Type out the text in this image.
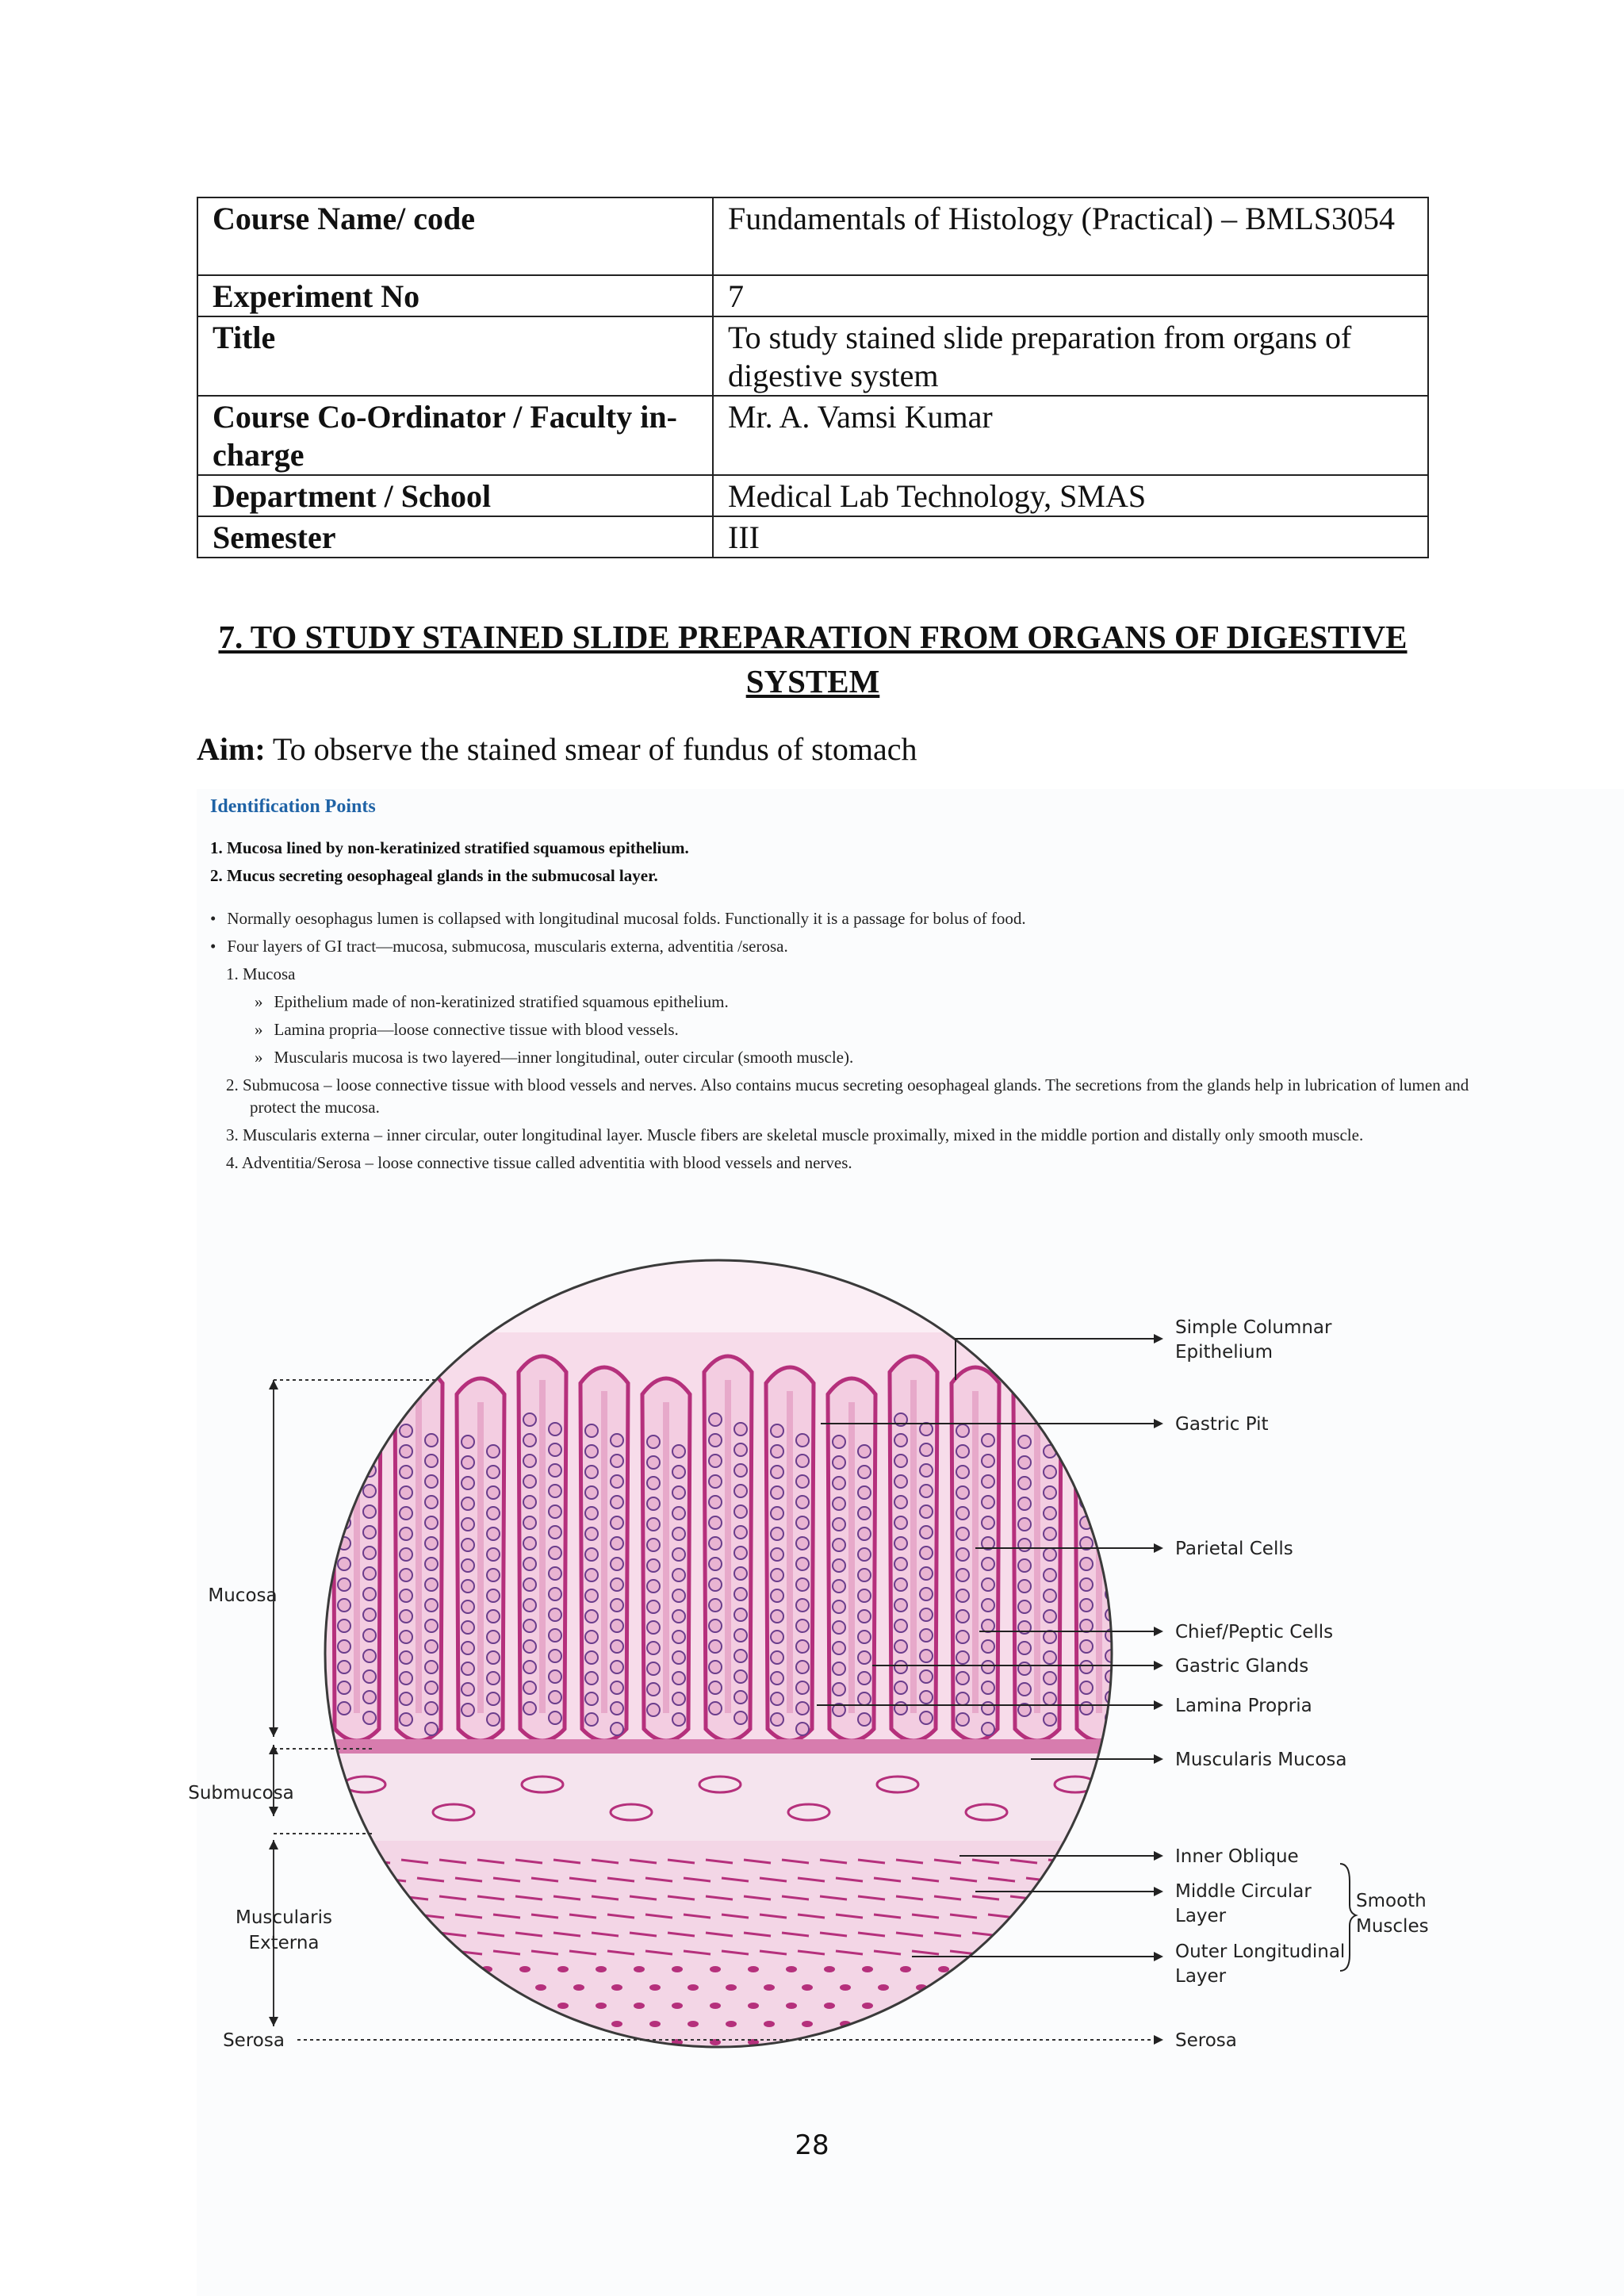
Course Name/ code	Fundamentals of Histology (Practical) – BMLS3054
Experiment No	7
Title	To study stained slide preparation from organs of digestive system
Course Co-Ordinator / Faculty in-charge	Mr. A. Vamsi Kumar
Department / School	Medical Lab Technology, SMAS
Semester	III
7. TO STUDY STAINED SLIDE PREPARATION FROM ORGANS OF DIGESTIVE SYSTEM
Aim: To observe the stained smear of fundus of stomach
Identification Points
1. Mucosa lined by non-keratinized stratified squamous epithelium.
2. Mucus secreting oesophageal glands in the submucosal layer.
• Normally oesophagus lumen is collapsed with longitudinal mucosal folds. Functionally it is a passage for bolus of food.
• Four layers of GI tract—mucosa, submucosa, muscularis externa, adventitia /serosa.
1. Mucosa
» Epithelium made of non-keratinized stratified squamous epithelium.
» Lamina propria—loose connective tissue with blood vessels.
» Muscularis mucosa is two layered—inner longitudinal, outer circular (smooth muscle).
2. Submucosa – loose connective tissue with blood vessels and nerves. Also contains mucus secreting oesophageal glands. The secretions from the glands help in lubrication of lumen and protect the mucosa.
3. Muscularis externa – inner circular, outer longitudinal layer. Muscle fibers are skeletal muscle proximally, mixed in the middle portion and distally only smooth muscle.
4. Adventitia/Serosa – loose connective tissue called adventitia with blood vessels and nerves.
Mucosa
Submucosa
Muscularis
Externa
Serosa
Simple Columnar
Epithelium
Gastric Pit
Parietal Cells
Chief/Peptic Cells
Gastric Glands
Lamina Propria
Muscularis Mucosa
Inner Oblique
Middle Circular
Layer
Outer Longitudinal
Layer
Serosa
Smooth
Muscles
28
